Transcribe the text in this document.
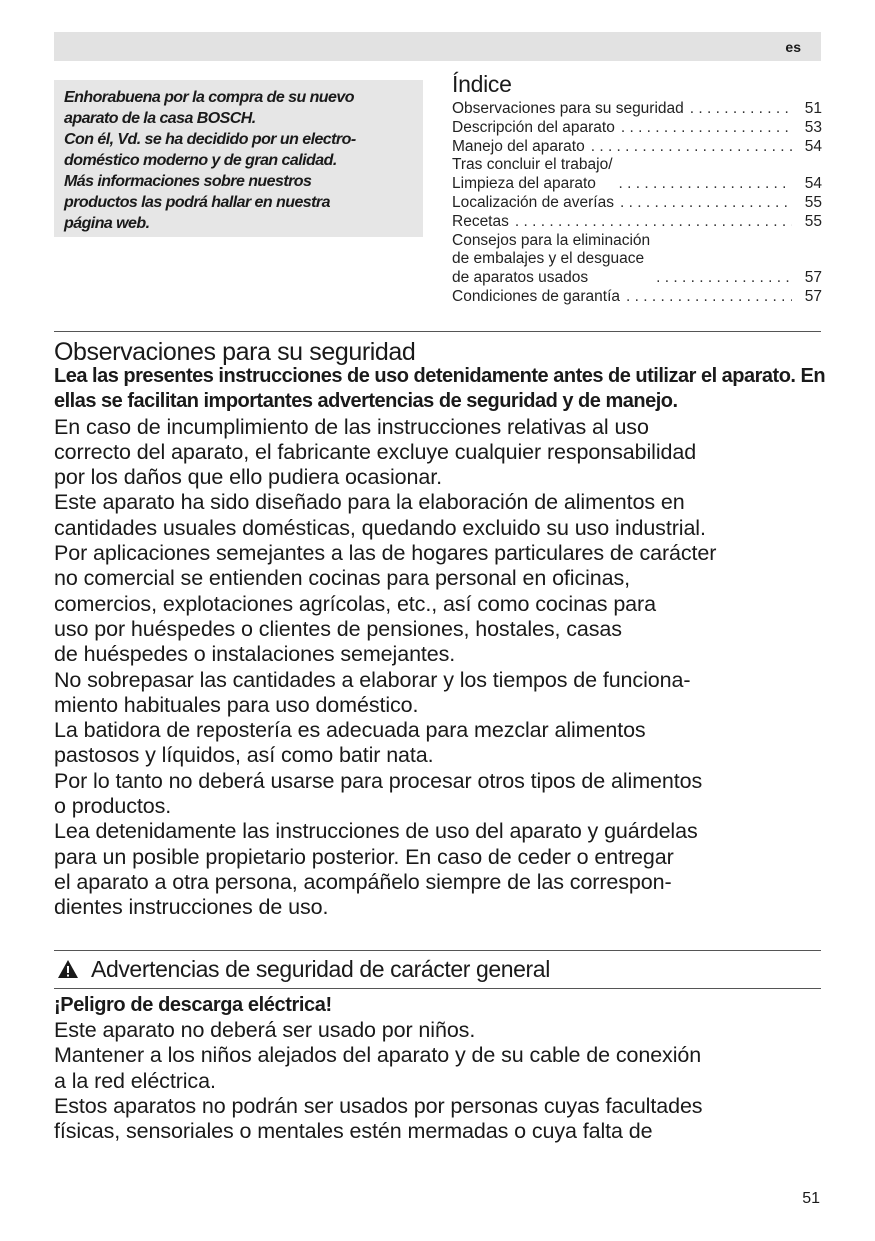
es

Enhorabuena por la compra de su nuevo
aparato de la casa BOSCH.
Con él, Vd. se ha decidido por un electro-
doméstico moderno y de gran calidad.
Más informaciones sobre nuestros
productos las podrá hallar en nuestra
página web.

Índice
Observaciones para su seguridad . . .	51
Descripción del aparato . . .	53
Manejo del aparato . . .	54
Tras concluir el trabajo/
Limpieza del aparato . . .	54
Localización de averías . . .	55
Recetas . . .	55
Consejos para la eliminación
de embalajes y el desguace
de aparatos usados . . .	57
Condiciones de garantía . . .	57
Observaciones para su seguridad

Lea las presentes instrucciones de uso detenidamente antes de utilizar el aparato. En ellas se facilitan importantes advertencias de seguridad y de manejo.

En caso de incumplimiento de las instrucciones relativas al uso
correcto del aparato, el fabricante excluye cualquier responsabilidad
por los daños que ello pudiera ocasionar.

Este aparato ha sido diseñado para la elaboración de alimentos en
cantidades usuales domésticas, quedando excluido su uso industrial.
Por aplicaciones semejantes a las de hogares particulares de carácter
no comercial se entienden cocinas para personal en oficinas,
comercios, explotaciones agrícolas, etc., así como cocinas para
uso por huéspedes o clientes de pensiones, hostales, casas
de huéspedes o instalaciones semejantes.

No sobrepasar las cantidades a elaborar y los tiempos de funciona-
miento habituales para uso doméstico.

La batidora de repostería es adecuada para mezclar alimentos
pastosos y líquidos, así como batir nata.

Por lo tanto no deberá usarse para procesar otros tipos de alimentos
o productos.

Lea detenidamente las instrucciones de uso del aparato y guárdelas
para un posible propietario posterior. En caso de ceder o entregar
el aparato a otra persona, acompáñelo siempre de las correspon-
dientes instrucciones de uso.

Advertencias de seguridad de carácter general

¡Peligro de descarga eléctrica!

Este aparato no deberá ser usado por niños.

Mantener a los niños alejados del aparato y de su cable de conexión
a la red eléctrica.

Estos aparatos no podrán ser usados por personas cuyas facultades
físicas, sensoriales o mentales estén mermadas o cuya falta de

51
